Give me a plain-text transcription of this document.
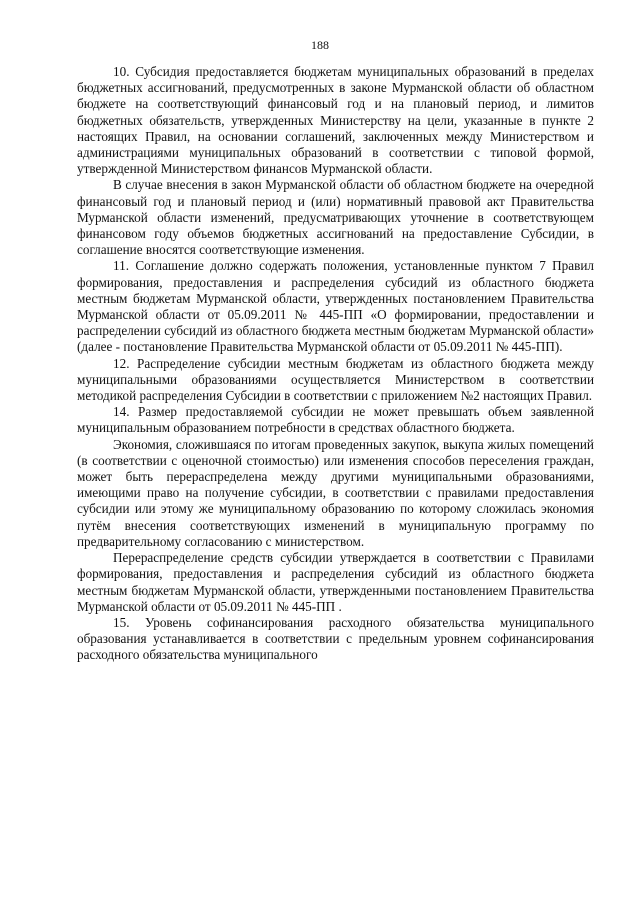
188

10. Субсидия предоставляется бюджетам муниципальных образований в пределах бюджетных ассигнований, предусмотренных в законе Мурманской области об областном бюджете на соответствующий финансовый год и на плановый период, и лимитов бюджетных обязательств, утвержденных Министерству на цели, указанные в пункте 2 настоящих Правил, на основании соглашений, заключенных между Министерством и администрациями муниципальных образований в соответствии с типовой формой, утвержденной Министерством финансов Мурманской области.

В случае внесения в закон Мурманской области об областном бюджете на очередной финансовый год и плановый период и (или) нормативный правовой акт Правительства Мурманской области изменений, предусматривающих уточнение в соответствующем финансовом году объемов бюджетных ассигнований на предоставление Субсидии, в соглашение вносятся соответствующие изменения.

11. Соглашение должно содержать положения, установленные пунктом 7 Правил формирования, предоставления и распределения субсидий из областного бюджета местным бюджетам Мурманской области, утвержденных постановлением Правительства Мурманской области от 05.09.2011 № 445-ПП «О формировании, предоставлении и распределении субсидий из областного бюджета местным бюджетам Мурманской области» (далее - постановление Правительства Мурманской области от 05.09.2011 № 445-ПП).

12. Распределение субсидии местным бюджетам из областного бюджета между муниципальными образованиями осуществляется Министерством в соответствии методикой распределения Субсидии в соответствии с приложением №2 настоящих Правил.

14. Размер предоставляемой субсидии не может превышать объем заявленной муниципальным образованием потребности в средствах областного бюджета.

Экономия, сложившаяся по итогам проведенных закупок, выкупа жилых помещений (в соответствии с оценочной стоимостью) или изменения способов переселения граждан, может быть перераспределена между другими муниципальными образованиями, имеющими право на получение субсидии, в соответствии с правилами предоставления субсидии или этому же муниципальному образованию по которому сложилась экономия путём внесения соответствующих изменений в муниципальную программу по предварительному согласованию с министерством.

Перераспределение средств субсидии утверждается в соответствии с Правилами формирования, предоставления и распределения субсидий из областного бюджета местным бюджетам Мурманской области, утвержденными постановлением Правительства Мурманской области от 05.09.2011 № 445-ПП .

15. Уровень софинансирования расходного обязательства муниципального образования устанавливается в соответствии с предельным уровнем софинансирования расходного обязательства муниципального
